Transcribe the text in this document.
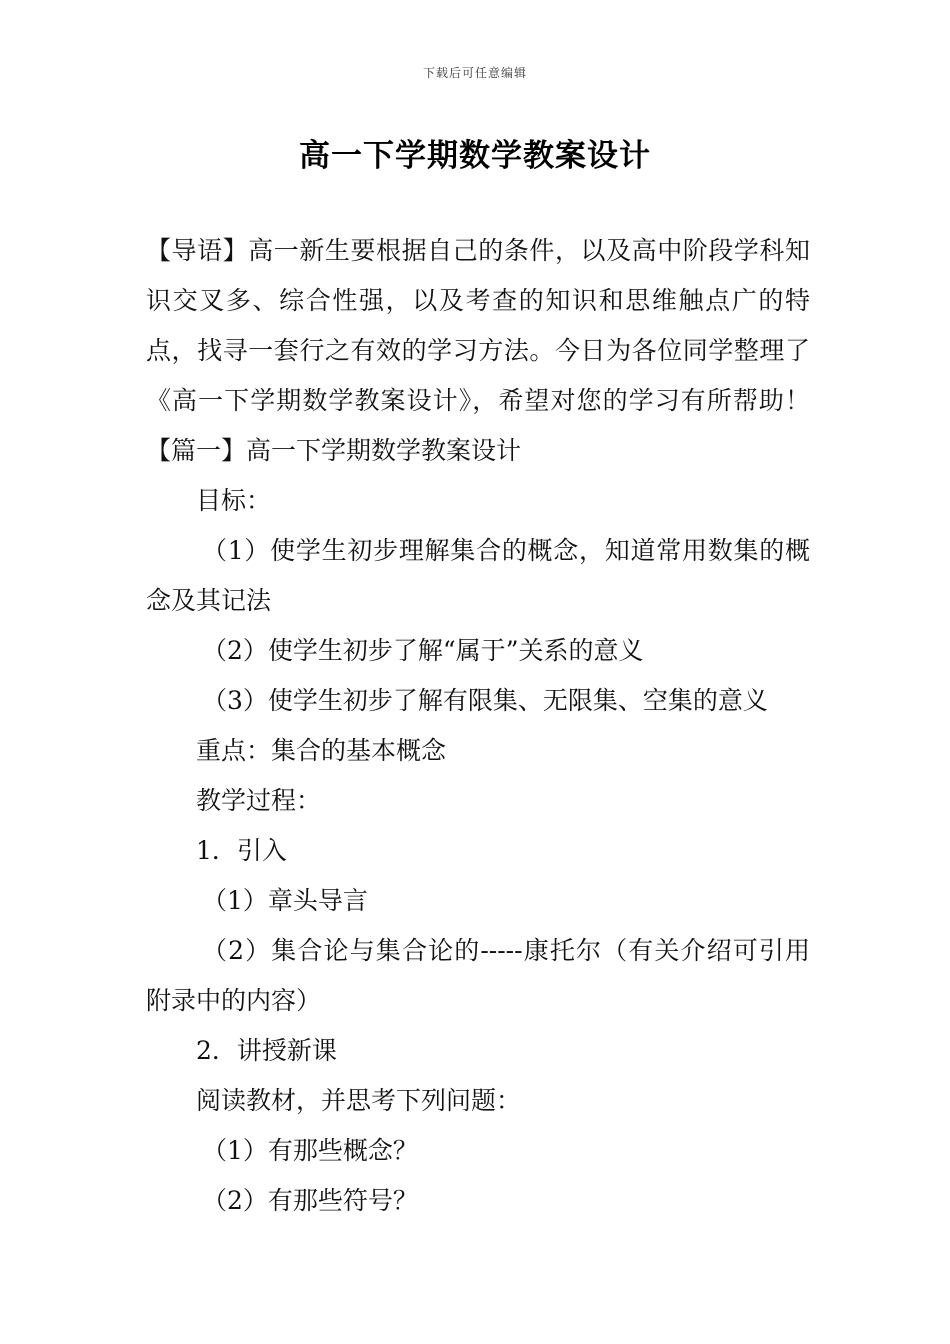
下载后可任意编辑
高一下学期数学教案设计

【导语】高一新生要根据自己的条件，以及高中阶段学科知识交叉多、综合性强，以及考查的知识和思维触点广的特点，找寻一套行之有效的学习方法。今日为各位同学整理了《高一下学期数学教案设计》，希望对您的学习有所帮助！【篇一】高一下学期数学教案设计

目标：

（1）使学生初步理解集合的概念，知道常用数集的概念及其记法

（2）使学生初步了解“属于”关系的意义

（3）使学生初步了解有限集、无限集、空集的意义

重点：集合的基本概念

教学过程：

1．引入

（1）章头导言

（2）集合论与集合论的-----康托尔（有关介绍可引用附录中的内容）

2．讲授新课

阅读教材，并思考下列问题：

（1）有那些概念？

（2）有那些符号？
